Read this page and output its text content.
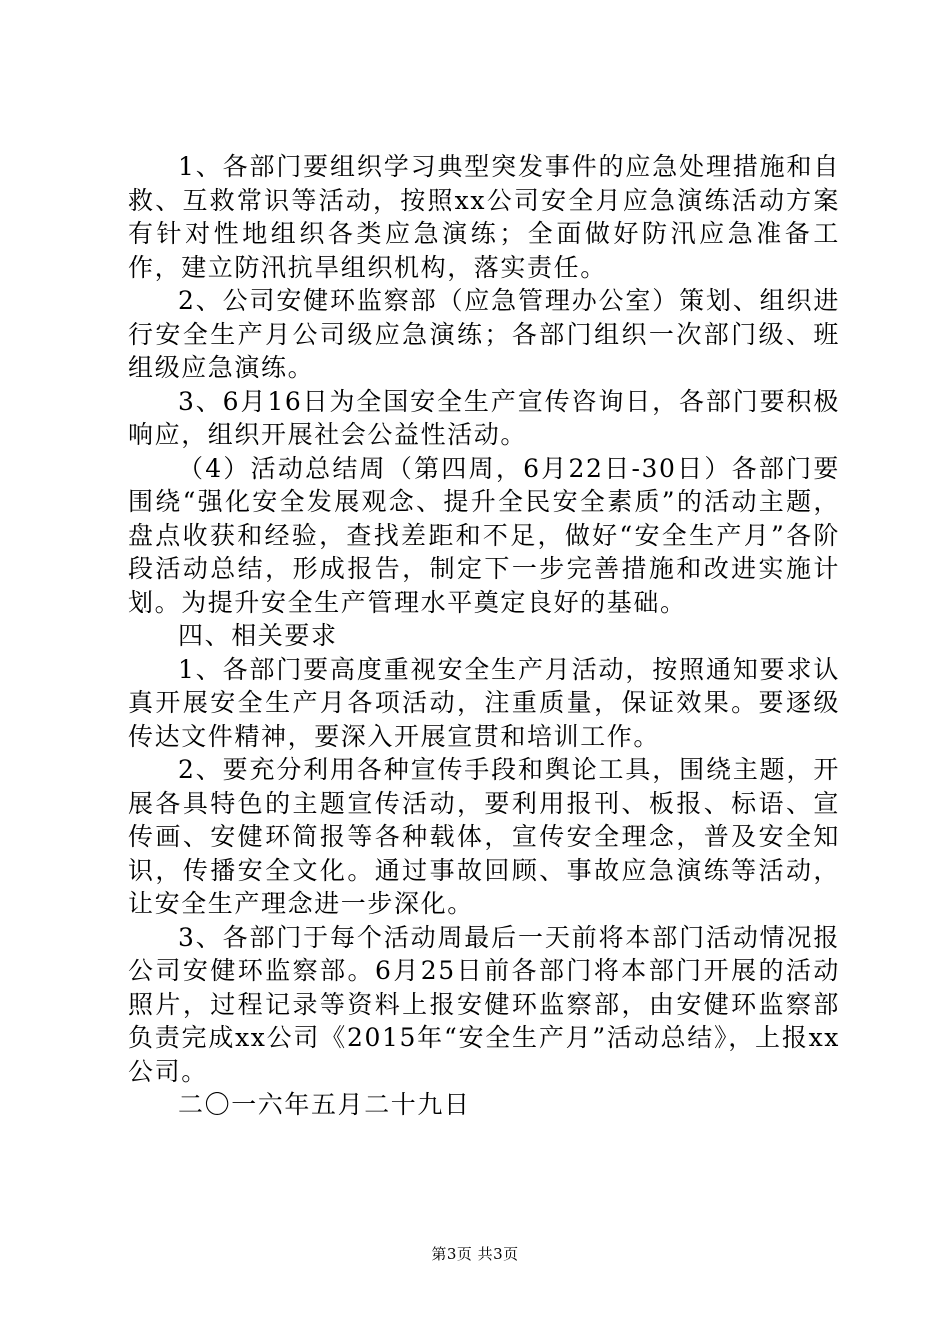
1、各部门要组织学习典型突发事件的应急处理措施和自救、互救常识等活动，按照xx公司安全月应急演练活动方案有针对性地组织各类应急演练；全面做好防汛应急准备工作，建立防汛抗旱组织机构，落实责任。

2、公司安健环监察部（应急管理办公室）策划、组织进行安全生产月公司级应急演练；各部门组织一次部门级、班组级应急演练。

3、6月16日为全国安全生产宣传咨询日，各部门要积极响应，组织开展社会公益性活动。

（4）活动总结周（第四周，6月22日-30日）各部门要围绕“强化安全发展观念、提升全民安全素质”的活动主题，盘点收获和经验，查找差距和不足，做好“安全生产月”各阶段活动总结，形成报告，制定下一步完善措施和改进实施计划。为提升安全生产管理水平奠定良好的基础。

四、相关要求

1、各部门要高度重视安全生产月活动，按照通知要求认真开展安全生产月各项活动，注重质量，保证效果。要逐级传达文件精神，要深入开展宣贯和培训工作。

2、要充分利用各种宣传手段和舆论工具，围绕主题，开展各具特色的主题宣传活动，要利用报刊、板报、标语、宣传画、安健环简报等各种载体，宣传安全理念，普及安全知识，传播安全文化。通过事故回顾、事故应急演练等活动，让安全生产理念进一步深化。

3、各部门于每个活动周最后一天前将本部门活动情况报公司安健环监察部。6月25日前各部门将本部门开展的活动照片，过程记录等资料上报安健环监察部，由安健环监察部负责完成xx公司《2015年“安全生产月”活动总结》，上报xx公司。

二〇一六年五月二十九日

第3页 共3页
